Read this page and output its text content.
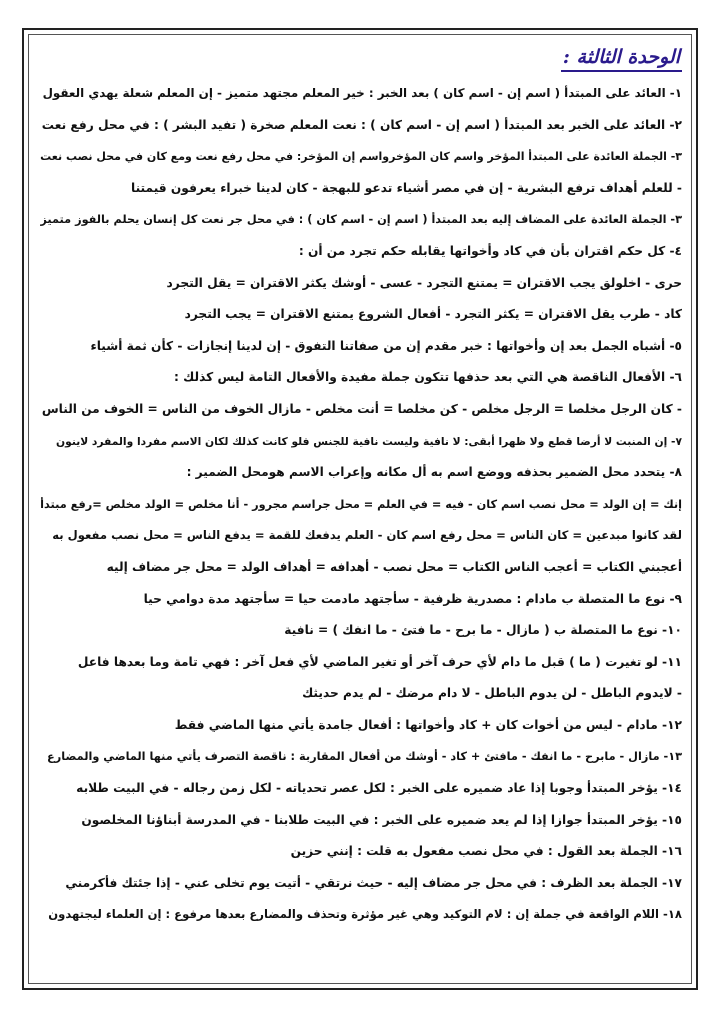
الوحدة الثالثة :
١- العائد على المبتدأ ( اسم إن - اسم كان ) بعد الخبر : خير المعلم مجتهد متميز - إن المعلم شعلة يهدي العقول
٢- العائد على الخبر بعد المبتدأ ( اسم إن - اسم كان ) : نعت المعلم صخرة ( تفيد البشر ) : في محل رفع نعت
٣- الجملة العائدة على المبتدأ المؤخر واسم كان المؤخرواسم إن المؤخر: في محل رفع نعت ومع كان في محل نصب نعت
- للعلم أهداف ترفع البشرية - إن في مصر أشياء تدعو للبهجة - كان لدينا خبراء يعرفون قيمتنا
٣- الجملة العائدة على المضاف إليه بعد المبتدأ ( اسم إن - اسم كان ) : في محل جر نعت كل إنسان يحلم بالفوز متميز
٤- كل حكم اقتران بأن في كاد وأخواتها يقابله حكم تجرد من أن :
حرى - اخلولق يجب الاقتران = يمتنع التجرد - عسى - أوشك يكثر الاقتران = يقل التجرد
كاد - طرب يقل الاقتران = يكثر التجرد - أفعال الشروع يمتنع الاقتران = يجب التجرد
٥- أشباه الجمل بعد إن وأخواتها : خبر مقدم إن من صفاتنا التفوق - إن لدينا إنجازات - كأن ثمة أشياء
٦- الأفعال الناقصة هي التي بعد حذفها تتكون جملة مفيدة والأفعال التامة ليس كذلك :
- كان الرجل مخلصا = الرجل مخلص - كن مخلصا = أنت مخلص - مازال الخوف من الناس = الخوف من الناس
٧- إن المنبت لا أرضا قطع ولا ظهرا أبقى: لا نافية وليست نافية للجنس فلو كانت كذلك لكان الاسم مفردا والمفرد لاينون
٨- يتحدد محل الضمير بحذفه ووضع اسم به أل مكانه وإعراب الاسم هومحل الضمير :
إنك = إن الولد = محل نصب اسم كان - فيه = في العلم = محل جراسم مجرور - أنا مخلص = الولد مخلص =رفع مبتدأ
لقد كانوا مبدعين = كان الناس = محل رفع اسم كان - العلم يدفعك للقمة = يدفع الناس = محل نصب مفعول به
أعجبني الكتاب = أعجب الناس الكتاب = محل نصب - أهدافه = أهداف الولد = محل جر مضاف إليه
٩- نوع ما المتصلة ب مادام : مصدرية ظرفية - سأجتهد مادمت حيا = سأجتهد مدة دوامي حيا
١٠- نوع ما المتصلة ب ( مازال - ما برح - ما فتئ - ما انفك ) = نافية
١١- لو تغيرت ( ما ) قبل ما دام لأي حرف آخر أو تغير الماضي لأي فعل آخر : فهي تامة وما بعدها فاعل
- لايدوم الباطل - لن يدوم الباطل - لا دام مرضك - لم يدم حديثك
١٢- مادام - ليس من أخوات كان + كاد وأخواتها : أفعال جامدة يأتي منها الماضي فقط
١٣- مازال - مابرح - ما انفك - مافتئ + كاد - أوشك من أفعال المقاربة : ناقصة التصرف يأتي منها الماضي والمضارع
١٤- يؤخر المبتدأ وجوبا إذا عاد ضميره على الخبر : لكل عصر تحدياته - لكل زمن رجاله - في البيت طلابه
١٥- يؤخر المبتدأ جوازا إذا لم يعد ضميره على الخبر : في البيت طلابنا - في المدرسة أبناؤنا المخلصون
١٦- الجملة بعد القول : في محل نصب مفعول به قلت : إنني حزين
١٧- الجملة بعد الظرف : في محل جر مضاف إليه - حيث نرتقي - أتيت يوم تخلى عني - إذا جئتك فأكرمني
١٨- اللام الواقعة في جملة إن : لام التوكيد وهي غير مؤثرة وتحذف والمضارع بعدها مرفوع : إن العلماء ليجتهدون
